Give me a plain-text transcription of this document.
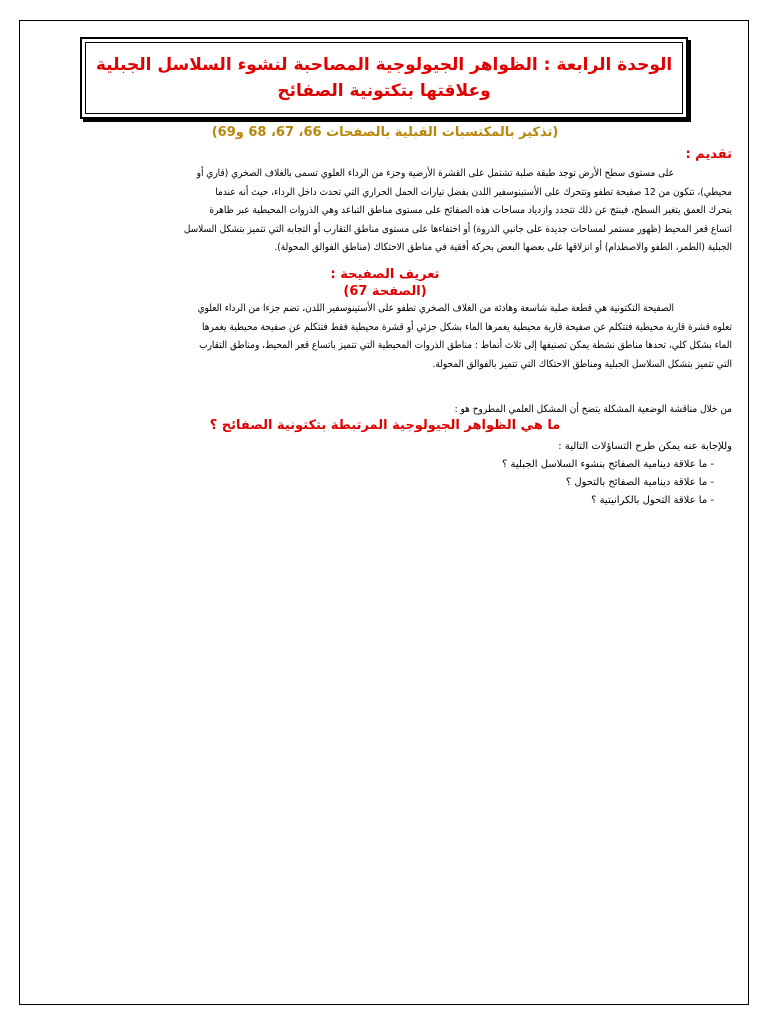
الوحدة الرابعة : الظواهر الجيولوجية المصاحبة لنشوء السلاسل الجبلية
وعلاقتها بتكتونية الصفائح
(تذكير بالمكتسبات القبلية بالصفحات 66، 67، 68 و69)
تقديم :
على مستوى سطح الأرض توجد طبقة صلبة تشتمل على القشرة الأرضية وجزء من الرداء العلوي تسمى بالغلاف الصخري (قاري أو
محيطي)، تتكون من 12 صفيحة تطفو وتتحرك على الأستينوسفير اللدن بفضل تيارات الحمل الحراري التي تحدث داخل الرداء، حيث أنه عندما
يتحرك العمق يتغير السطح، فينتج عن ذلك تتجدد وازدياد مساحات هذه الصفائح على مستوى مناطق التباعد وهي الذروات المحيطية عبر ظاهرة
اتساع قعر المحيط (ظهور مستمر لمساحات جديدة على جانبي الذروة) أو اختفاءها على مستوى مناطق التقارب أو التجابه التي تتميز بتشكل السلاسل
الجبلية (الطمر، الطفو والاصطدام) أو انزلاقها على بعضها البعض بحركة أفقية في مناطق الاحتكاك (مناطق الفوالق المحولة).
تعريف الصفيحة :
(الصفحة 67)
الصفيحة التكتونية هي قطعة صلبة شاسعة وهادئة من الغلاف الصخري تطفو على الأستينوسفير اللدن، تضم جزءا من الرداء العلوي
تعلوه قشرة قارية محيطية فتتكلم عن صفيحة قارية محيطية يغمرها الماء بشكل جزئي أو قشرة محيطية فقط فتتكلم عن صفيحة محيطية يغمرها
الماء بشكل كلي، تحدها مناطق نشطة يمكن تصنيفها إلى ثلاث أنماط : مناطق الذروات المحيطية التي تتميز باتساع قعر المحيط، ومناطق التقارب
التي تتميز بتشكل السلاسل الجبلية ومناطق الاحتكاك التي تتميز بالفوالق المحولة.
من خلال مناقشة الوضعية المشكلة يتضح أن المشكل العلمي المطروح هو :
ما هي الظواهر الجيولوجية المرتبطة بتكتونية الصفائح ؟
وللإجابة عنه يمكن طرح التساؤلات التالية :
- ما علاقة دينامية الصفائح بنشوء السلاسل الجبلية ؟
- ما علاقة دينامية الصفائح بالتحول ؟
- ما علاقة التحول بالكرانيتية ؟
